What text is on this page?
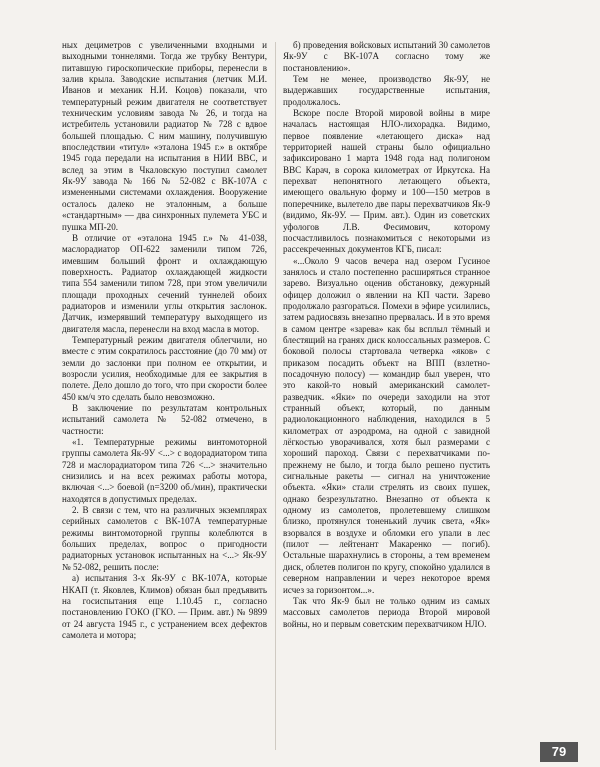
ных дециметров с увеличенными входными и выходными тоннелями. Тогда же трубку Вентури, питавшую гироскопические приборы, перенесли в залив крыла. Заводские испытания (летчик М.И. Иванов и механик Н.И. Коцов) показали, что температурный режим двигателя не соответствует техническим условиям завода № 26, и тогда на истребитель установили радиатор № 728 с вдвое большей площадью. С ним машину, получившую впоследствии «титул» «эталона 1945 г.» в октябре 1945 года передали на испытания в НИИ ВВС, и вслед за этим в Чкаловскую поступил самолет Як-9У завода № 166 № 52-082 с ВК-107А с измененными системами охлаждения. Вооружение осталось далеко не эталонным, а больше «стандартным» — два синхронных пулемета УБС и пушка МП-20.

В отличие от «эталона 1945 г.» № 41-038, маслорадиатор ОП-622 заменили типом 726, имевшим больший фронт и охлаждающую поверхность. Радиатор охлаждающей жидкости типа 554 заменили типом 728, при этом увеличили площади проходных сечений туннелей обоих радиаторов и изменили углы открытия заслонок. Датчик, измерявший температуру выходящего из двигателя масла, перенесли на вход масла в мотор.

Температурный режим двигателя облегчили, но вместе с этим сократилось расстояние (до 70 мм) от земли до заслонки при полном ее открытии, и возросли усилия, необходимые для ее закрытия в полете. Дело дошло до того, что при скорости более 450 км/ч это сделать было невозможно.

В заключение по результатам контрольных испытаний самолета № 52-082 отмечено, в частности:

«1. Температурные режимы винтомоторной группы самолета Як-9У <...> с водорадиатором типа 728 и маслорадиатором типа 726 <...> значительно снизились и на всех режимах работы мотора, включая <...> боевой (n=3200 об./мин), практически находятся в допустимых пределах.

2. В связи с тем, что на различных экземплярах серийных самолетов с ВК-107А температурные режимы винтомоторной группы колеблются в больших пределах, вопрос о пригодности радиаторных установок испытанных на <...> Як-9У № 52-082, решить после:

а) испытания 3-х Як-9У с ВК-107А, которые НКАП (т. Яковлев, Климов) обязан был предъявить на госиспытания еще 1.10.45 г., согласно постановлению ГОКО (ГКО. — Прим. авт.) № 9899 от 24 августа 1945 г., с устранением всех дефектов самолета и мотора;

б) проведения войсковых испытаний 30 самолетов Як-9У с ВК-107А согласно тому же постановлению».

Тем не менее, производство Як-9У, не выдержавших государственные испытания, продолжалось.

Вскоре после Второй мировой войны в мире началась настоящая НЛО-лихорадка. Видимо, первое появление «летающего диска» над территорией нашей страны было официально зафиксировано 1 марта 1948 года над полигоном ВВС Карач, в сорока километрах от Иркутска. На перехват непонятного летающего объекта, имеющего овальную форму и 100—150 метров в поперечнике, вылетело две пары перехватчиков Як-9 (видимо, Як-9У. — Прим. авт.). Один из советских уфологов Л.В. Фесимович, которому посчастливилось познакомиться с некоторыми из рассекреченных документов КГБ, писал:

«...Около 9 часов вечера над озером Гусиное занялось и стало постепенно расширяться странное зарево. Визуально оценив обстановку, дежурный офицер доложил о явлении на КП части. Зарево продолжало разгораться. Помехи в эфире усилились, затем радиосвязь внезапно прервалась. И в это время в самом центре «зарева» как бы всплыл тёмный и блестящий на гранях диск колоссальных размеров. С боковой полосы стартовала четверка «яков» с приказом посадить объект на ВПП (взлетно-посадочную полосу) — командир был уверен, что это какой-то новый американский самолет-разведчик. «Яки» по очереди заходили на этот странный объект, который, по данным радиолокационного наблюдения, находился в 5 километрах от аэродрома, на одной с завидной лёгкостью уворачивался, хотя был размерами с хороший пароход. Связи с перехватчиками по-прежнему не было, и тогда было решено пустить сигнальные ракеты — сигнал на уничтожение объекта. «Яки» стали стрелять из своих пушек, однако безрезультатно. Внезапно от объекта к одному из самолетов, пролетевшему слишком близко, протянулся тоненький лучик света, «Як» взорвался в воздухе и обломки его упали в лес (пилот — лейтенант Макаренко — погиб). Остальные шарахнулись в стороны, а тем временем диск, облетев полигон по кругу, спокойно удалился в северном направлении и через некоторое время исчез за горизонтом...».

Так что Як-9 был не только одним из самых массовых самолетов периода Второй мировой войны, но и первым советским перехватчиком НЛО.

79
